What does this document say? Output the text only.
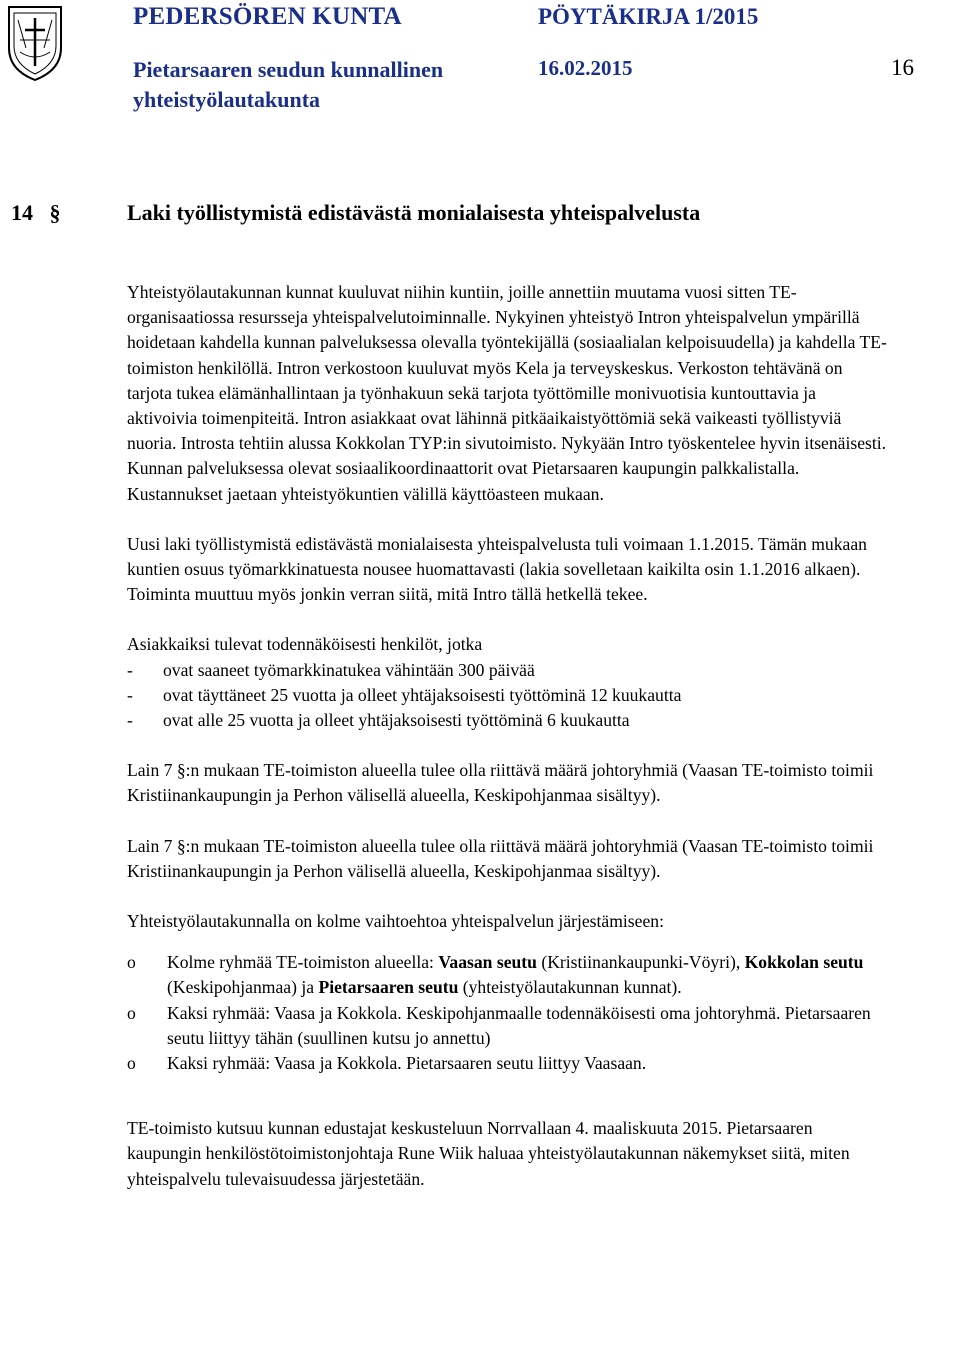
PEDERSÖREN KUNTA	PÖYTÄKIRJA 1/2015
Pietarsaaren seudun kunnallinen
yhteistyölautakunta
16.02.2015	16
14 §	Laki työllistymistä edistävästä monialaisesta yhteispalvelusta

Yhteistyölautakunnan kunnat kuuluvat niihin kuntiin, joille annettiin muutama vuosi sitten TE-organisaatiossa resursseja yhteispalvelutoiminnalle. Nykyinen yhteistyö Intron yhteispalvelun ympärillä hoidetaan kahdella kunnan palveluksessa olevalla työntekijällä (sosiaalialan kelpoisuudella) ja kahdella TE-toimiston henkilöllä. Intron verkostoon kuuluvat myös Kela ja terveyskeskus. Verkoston tehtävänä on tarjota tukea elämänhallintaan ja työnhakuun sekä tarjota työttömille monivuotisia kuntouttavia ja aktivoivia toimenpiteitä. Intron asiakkaat ovat lähinnä pitkäaikaistyöttömiä sekä vaikeasti työllistyviä nuoria. Introsta tehtiin alussa Kokkolan TYP:in sivutoimisto. Nykyään Intro työskentelee hyvin itsenäisesti. Kunnan palveluksessa olevat sosiaalikoordinaattorit ovat Pietarsaaren kaupungin palkkalistalla. Kustannukset jaetaan yhteistyökuntien välillä käyttöasteen mukaan.

Uusi laki työllistymistä edistävästä monialaisesta yhteispalvelusta tuli voimaan 1.1.2015. Tämän mukaan kuntien osuus työmarkkinatuesta nousee huomattavasti (lakia sovelletaan kaikilta osin 1.1.2016 alkaen). Toiminta muuttuu myös jonkin verran siitä, mitä Intro tällä hetkellä tekee.

Asiakkaiksi tulevat todennäköisesti henkilöt, jotka
-	ovat saaneet työmarkkinatukea vähintään 300 päivää
-	ovat täyttäneet 25 vuotta ja olleet yhtäjaksoisesti työttöminä 12 kuukautta
-	ovat alle 25 vuotta ja olleet yhtäjaksoisesti työttöminä 6 kuukautta

Lain 7 §:n mukaan TE-toimiston alueella tulee olla riittävä määrä johtoryhmiä (Vaasan TE-toimisto toimii Kristiinankaupungin ja Perhon välisellä alueella, Keskipohjanmaa sisältyy).

Lain 7 §:n mukaan TE-toimiston alueella tulee olla riittävä määrä johtoryhmiä (Vaasan TE-toimisto toimii Kristiinankaupungin ja Perhon välisellä alueella, Keskipohjanmaa sisältyy).

Yhteistyölautakunnalla on kolme vaihtoehtoa yhteispalvelun järjestämiseen:

o	Kolme ryhmää TE-toimiston alueella: Vaasan seutu (Kristiinankaupunki-Vöyri), Kokkolan seutu (Keskipohjanmaa) ja Pietarsaaren seutu (yhteistyölautakunnan kunnat).
o	Kaksi ryhmää: Vaasa ja Kokkola. Keskipohjanmaalle todennäköisesti oma johtoryhmä. Pietarsaaren seutu liittyy tähän (suullinen kutsu jo annettu)
o	Kaksi ryhmää: Vaasa ja Kokkola. Pietarsaaren seutu liittyy Vaasaan.

TE-toimisto kutsuu kunnan edustajat keskusteluun Norrvallaan 4. maaliskuuta 2015. Pietarsaaren kaupungin henkilöstötoimistonjohtaja Rune Wiik haluaa yhteistyölautakunnan näkemykset siitä, miten yhteispalvelu tulevaisuudessa järjestetään.
